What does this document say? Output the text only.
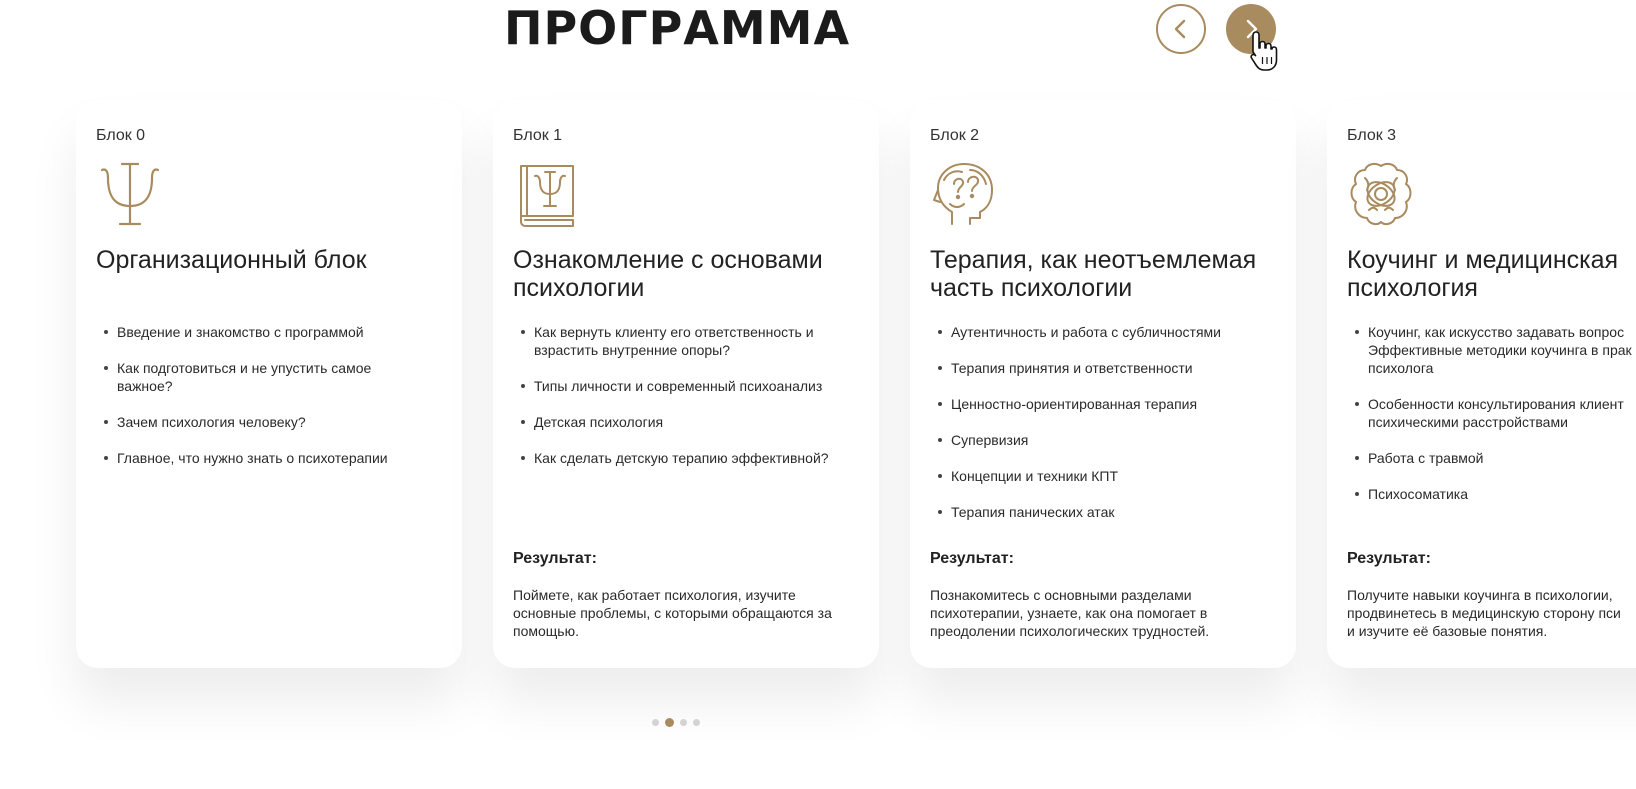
Блок 0
Организационный блок
Введение и знакомство с программой
Как подготовиться и не упустить самое
важное?
Зачем психология человеку?
Главное, что нужно знать о психотерапии
Блок 1
Ознакомление с основами
психологии
Как вернуть клиенту его ответственность и
взрастить внутренние опоры?
Типы личности и современный психоанализ
Детская психология
Как сделать детскую терапию эффективной?
Результат:
Поймете, как работает психология, изучите
основные проблемы, с которыми обращаются за
помощью.
Блок 2
Терапия, как неотъемлемая
часть психологии
Аутентичность и работа с субличностями
Терапия принятия и ответственности
Ценностно-ориентированная терапия
Супервизия
Концепции и техники КПТ
Терапия панических атак
Результат:
Познакомитесь с основными разделами
психотерапии, узнаете, как она помогает в
преодолении психологических трудностей.
Блок 3
Коучинг и медицинская
психология
Коучинг, как искусство задавать вопрос
Эффективные методики коучинга в прак
психолога
Особенности консультирования клиент
психическими расстройствами
Работа с травмой
Психосоматика
Результат:
Получите навыки коучинга в психологии,
продвинетесь в медицинскую сторону пси
и изучите её базовые понятия.
ПРОГРАММА
